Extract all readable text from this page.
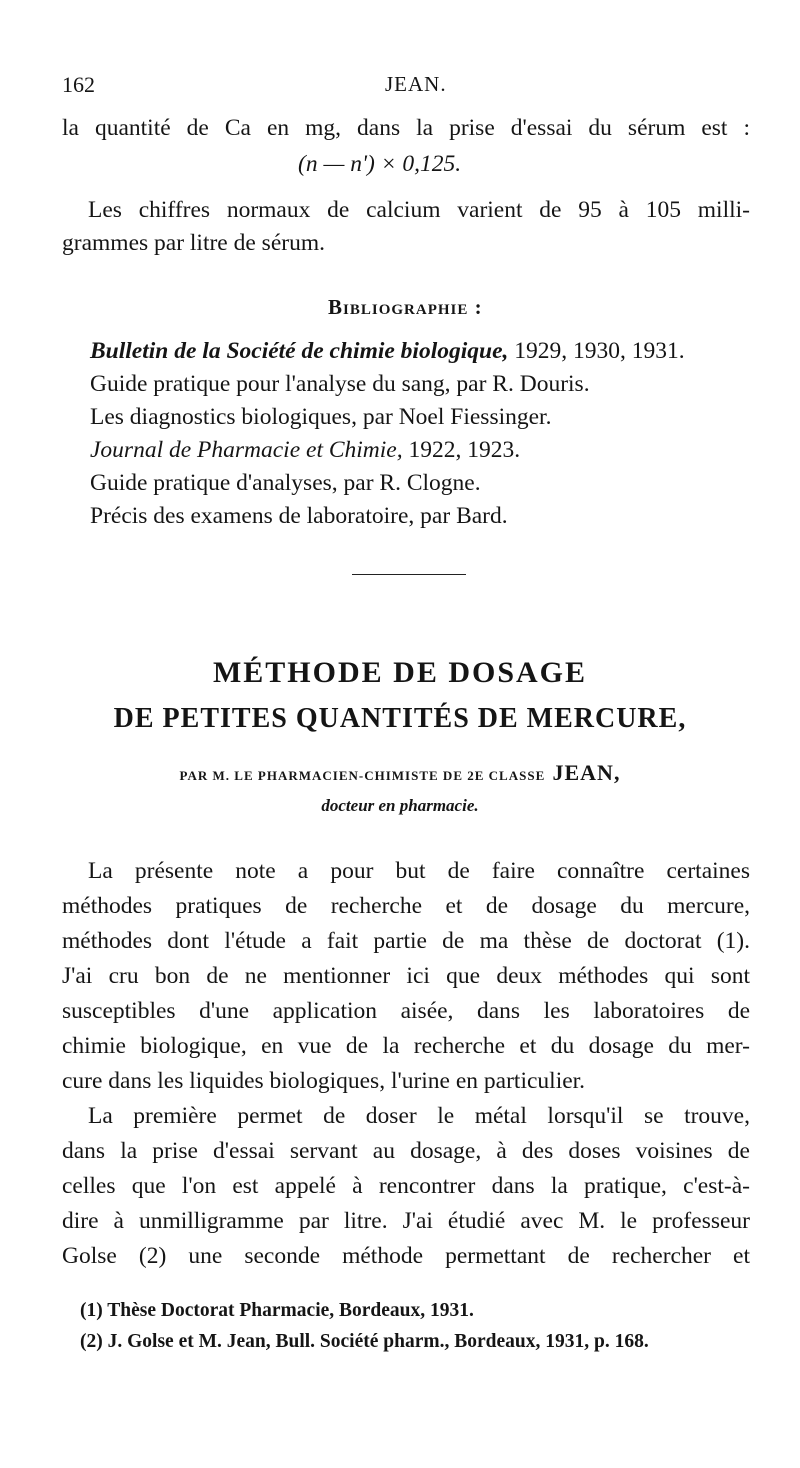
162	JEAN.
la quantité de Ca en mg, dans la prise d'essai du sérum est :
(n — n') × 0,125.
Les chiffres normaux de calcium varient de 95 à 105 milli-
grammes par litre de sérum.
Bibliographie :
Bulletin de la Société de chimie biologique, 1929, 1930, 1931.
Guide pratique pour l'analyse du sang, par R. Douris.
Les diagnostics biologiques, par Noel Fiessinger.
Journal de Pharmacie et Chimie, 1922, 1923.
Guide pratique d'analyses, par R. Clogne.
Précis des examens de laboratoire, par Bard.
MÉTHODE DE DOSAGE
DE PETITES QUANTITÉS DE MERCURE,
PAR M. LE PHARMACIEN-CHIMISTE DE 2E CLASSE JEAN,
docteur en pharmacie.
La présente note a pour but de faire connaître certaines
méthodes pratiques de recherche et de dosage du mercure,
méthodes dont l'étude a fait partie de ma thèse de doctorat (1).
J'ai cru bon de ne mentionner ici que deux méthodes qui sont
susceptibles d'une application aisée, dans les laboratoires de
chimie biologique, en vue de la recherche et du dosage du mer-
cure dans les liquides biologiques, l'urine en particulier.
La première permet de doser le métal lorsqu'il se trouve,
dans la prise d'essai servant au dosage, à des doses voisines de
celles que l'on est appelé à rencontrer dans la pratique, c'est-à-
dire à unmilligramme par litre. J'ai étudié avec M. le professeur
Golse (2) une seconde méthode permettant de rechercher et
(1) Thèse Doctorat Pharmacie, Bordeaux, 1931.
(2) J. Golse et M. Jean, Bull. Société pharm., Bordeaux, 1931, p. 168.
